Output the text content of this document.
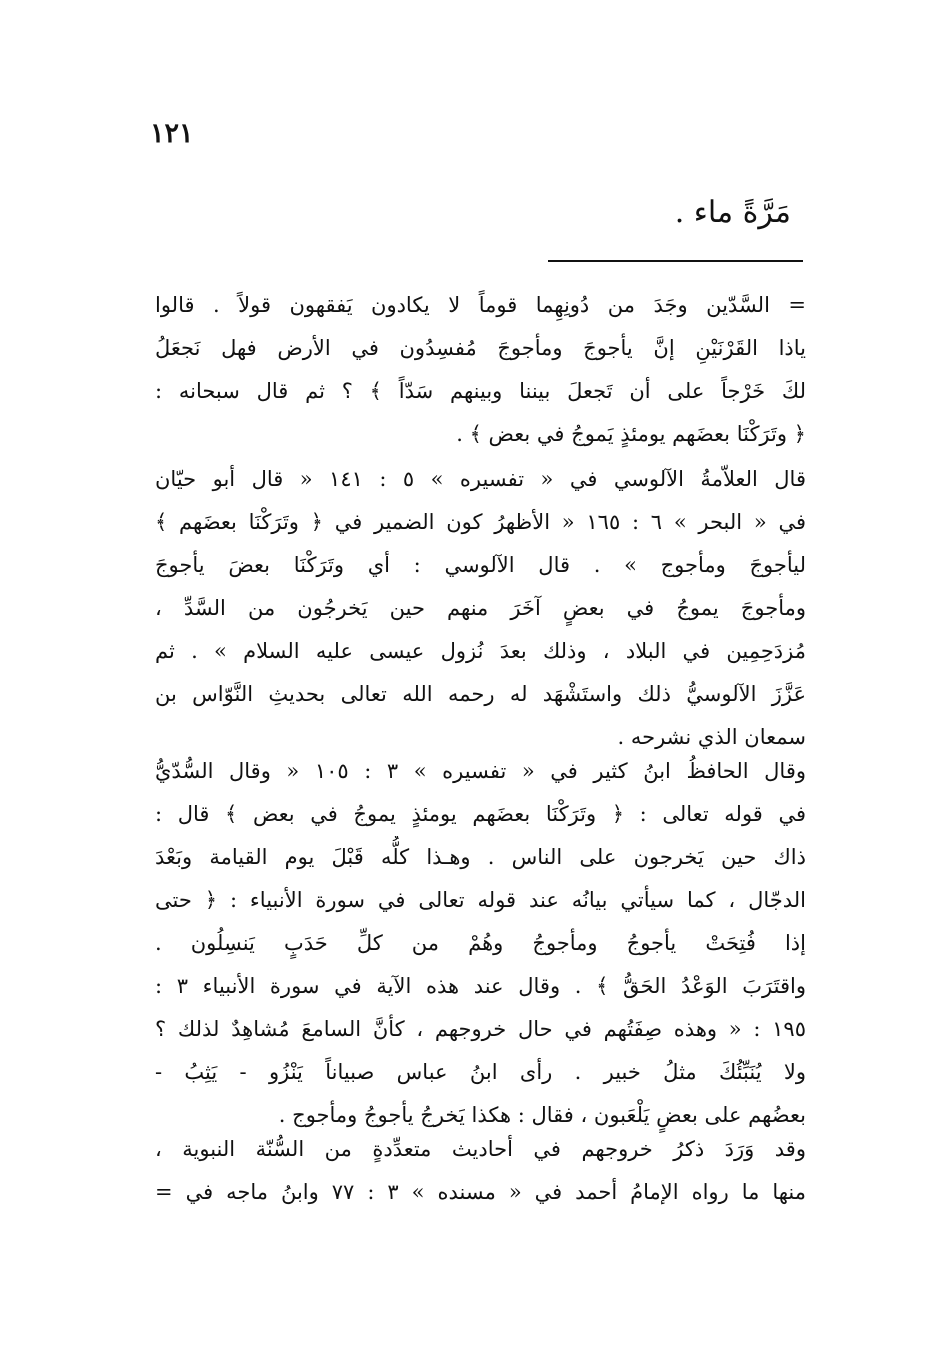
١٢١
مَرَّةً ماء .
= السَّدّين وجَدَ من دُونِهِما قوماً لا يكادون يَفقهون قولاً . قالوا
ياذا القَرْنَيْنِ إنَّ يأجوجَ ومأجوجَ مُفسِدُون في الأرض فهل نَجعَلُ
لكَ خَرْجاً على أن تَجعلَ بيننا وبينهم سَدّاً ﴾ ؟ ثم قال سبحانه :
﴿ وتَرَكْنَا بعضَهم يومئذٍ يَموجُ في بعض ﴾ .
قال العلاّمةُ الآلوسي في « تفسيره » ٥ : ١٤١ « قال أبو حيّان
في « البحر » ٦ : ١٦٥ « الأظهرُ كون الضمير في ﴿ وتَرَكْنَا بعضَهم ﴾
ليأجوجَ ومأجوج » . قال الآلوسي : أي وتَرَكْنَا بعضَ يأجوجَ
ومأجوجَ يموجُ في بعضٍ آخَرَ منهم حين يَخرجُون من السَّدِّ ،
مُزدَحِمِين في البلاد ، وذلك بعدَ نُزول عيسى عليه السلام » . ثم
عَزَّزَ الآلوسيُّ ذلك واستَشْهَد له رحمه الله تعالى بحديثِ النَّوّاس بن
سمعان الذي نشرحه .
وقال الحافظُ ابنُ كثير في « تفسيره » ٣ : ١٠٥ « وقال السُّدّيُّ
في قوله تعالى : ﴿ وتَرَكْنَا بعضَهم يومئذٍ يموجُ في بعض ﴾ قال :
ذاك حين يَخرجون على الناس . وهـذا كلُّه قَبْلَ يوم القيامة وبَعْدَ
الدجّال ، كما سيأتي بيانُه عند قوله تعالى في سورة الأنبياء : ﴿ حتى
إذا فُتِحَتْ يأجوجُ ومأجوجُ وهُمْ من كلِّ حَدَبٍ يَنسِلُون .
واقتَرَبَ الوَعْدُ الحَقُّ ﴾ . وقال عند هذه الآية في سورة الأنبياء ٣ :
١٩٥ : « وهذه صِفَتُهم في حال خروجهم ، كأنَّ السامعَ مُشاهِدٌ لذلك ؟
ولا يُنَبِّئُكَ مثلُ خبير . رأى ابنُ عباس صبياناً يَنْزُو - يَثِبُ -
بعضُهم على بعضٍ يَلْعَبون ، فقال : هكذا يَخرجُ يأجوجُ ومأجوج .
وقد وَرَدَ ذكرُ خروجهم في أحاديث متعدِّدةٍ من السُّنّة النبوية ،
منها ما رواه الإمامُ أحمد في « مسنده » ٣ : ٧٧ وابنُ ماجه في =
